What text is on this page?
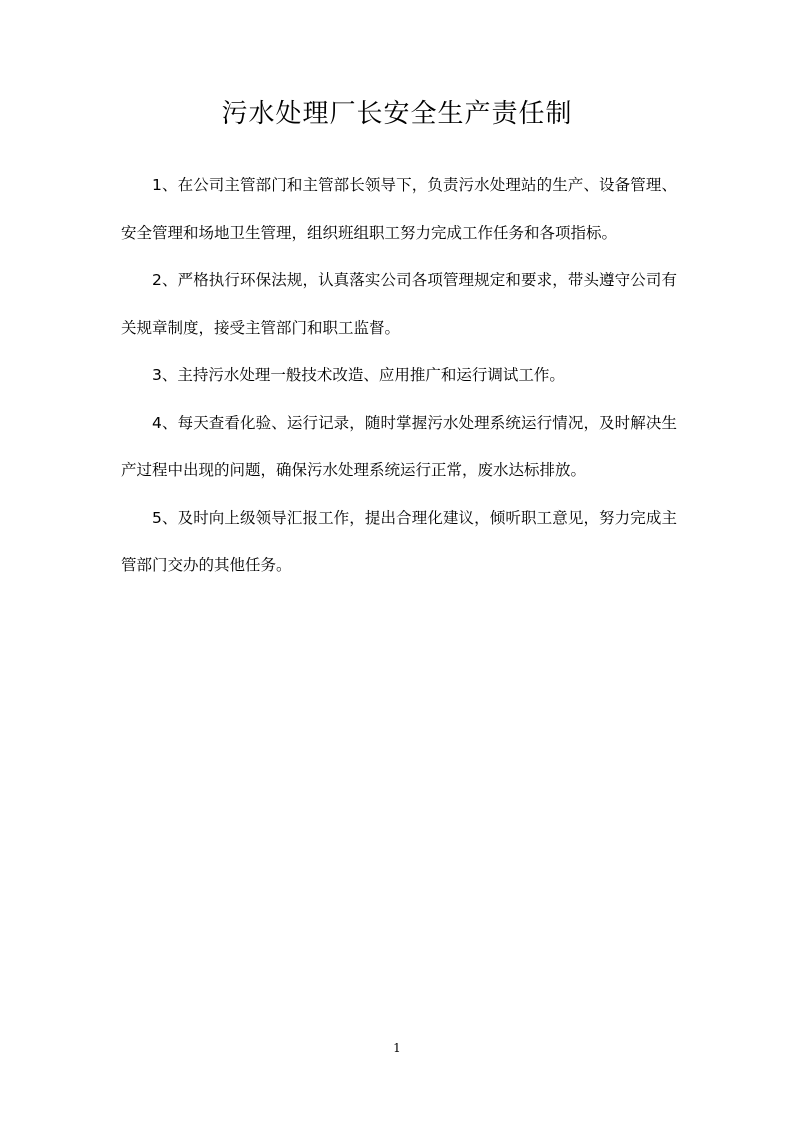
污水处理厂长安全生产责任制

1、在公司主管部门和主管部长领导下，负责污水处理站的生产、设备管理、安全管理和场地卫生管理，组织班组职工努力完成工作任务和各项指标。

2、严格执行环保法规，认真落实公司各项管理规定和要求，带头遵守公司有关规章制度，接受主管部门和职工监督。

3、主持污水处理一般技术改造、应用推广和运行调试工作。

4、每天查看化验、运行记录，随时掌握污水处理系统运行情况，及时解决生产过程中出现的问题，确保污水处理系统运行正常，废水达标排放。

5、及时向上级领导汇报工作，提出合理化建议，倾听职工意见，努力完成主管部门交办的其他任务。

1
